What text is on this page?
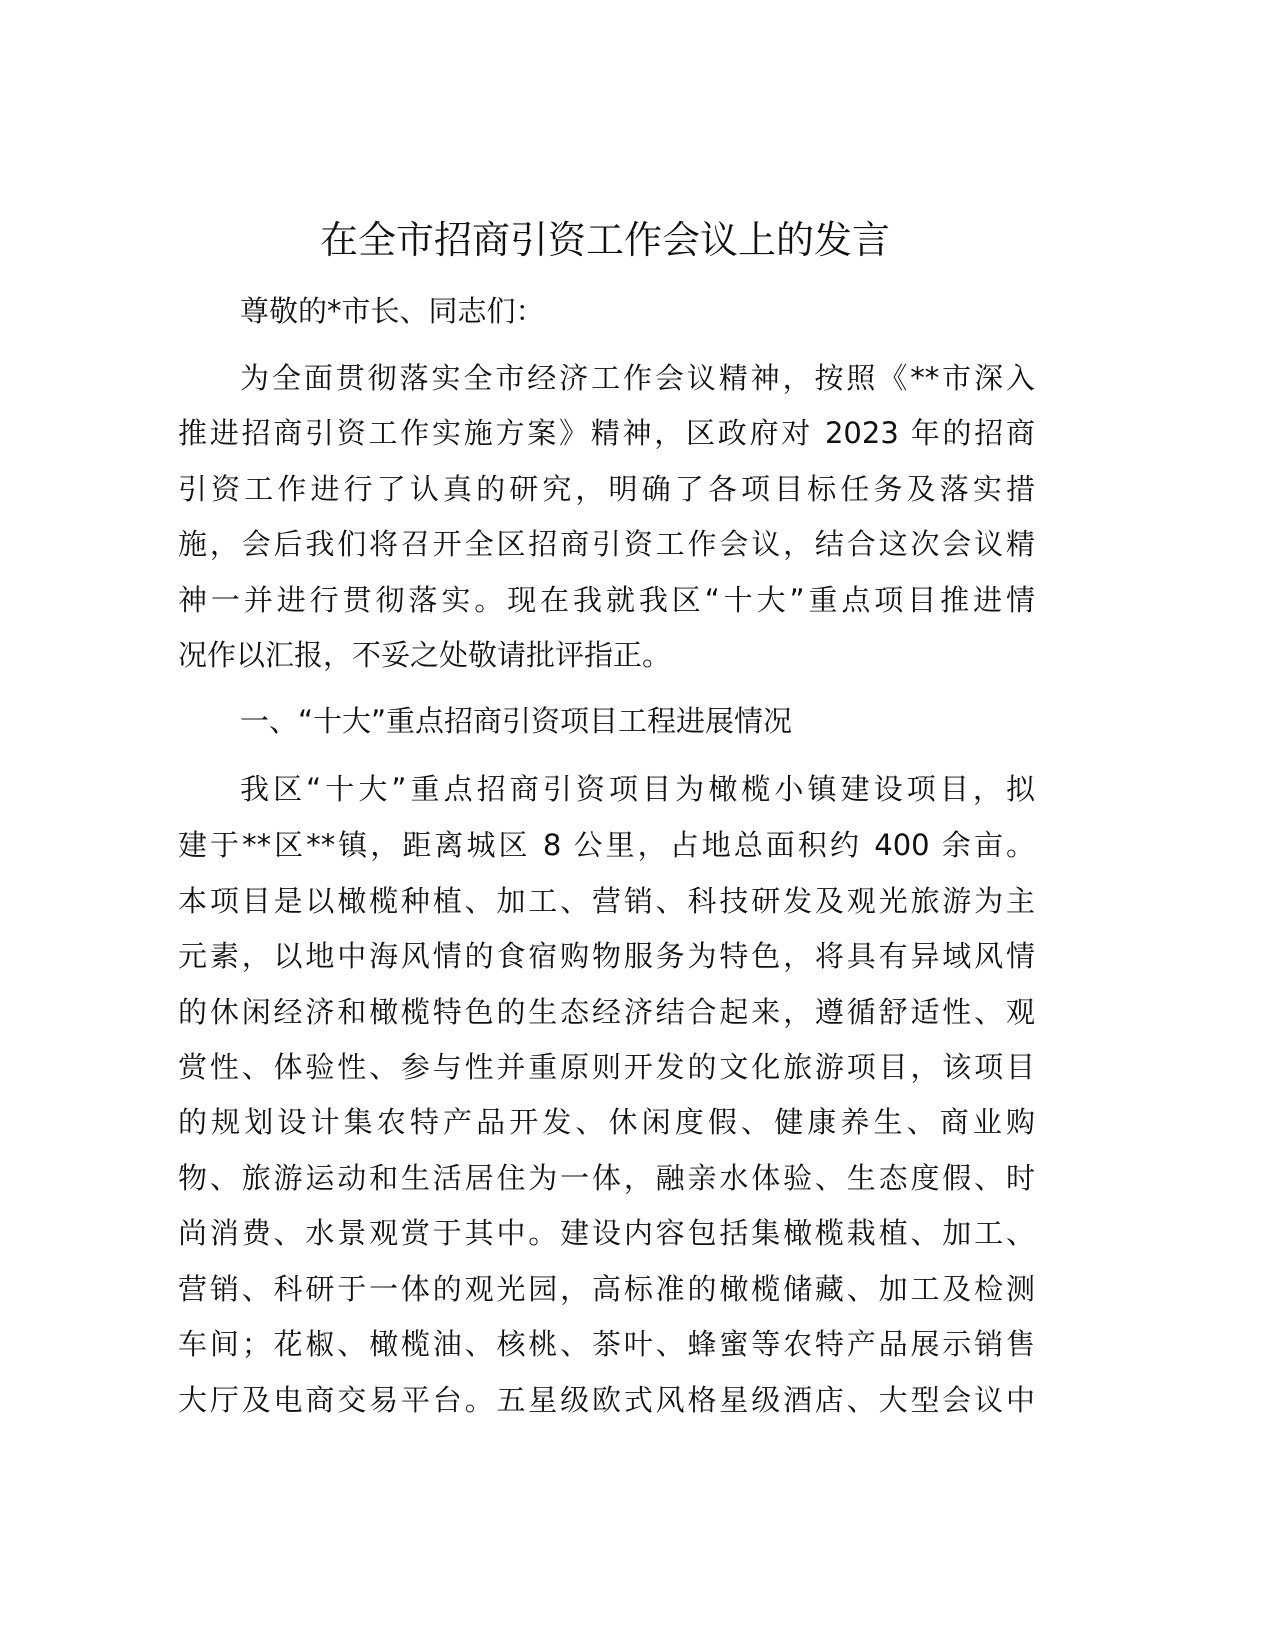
在全市招商引资工作会议上的发言
尊敬的*市长、同志们：
为全面贯彻落实全市经济工作会议精神，按照《**市深入
推进招商引资工作实施方案》精神，区政府对 2023 年的招商
引资工作进行了认真的研究，明确了各项目标任务及落实措
施，会后我们将召开全区招商引资工作会议，结合这次会议精
神一并进行贯彻落实。现在我就我区“十大”重点项目推进情
况作以汇报，不妥之处敬请批评指正。
一、“十大”重点招商引资项目工程进展情况
我区“十大”重点招商引资项目为橄榄小镇建设项目，拟
建于**区**镇，距离城区 8 公里，占地总面积约 400 余亩。
本项目是以橄榄种植、加工、营销、科技研发及观光旅游为主
元素，以地中海风情的食宿购物服务为特色，将具有异域风情
的休闲经济和橄榄特色的生态经济结合起来，遵循舒适性、观
赏性、体验性、参与性并重原则开发的文化旅游项目，该项目
的规划设计集农特产品开发、休闲度假、健康养生、商业购
物、旅游运动和生活居住为一体，融亲水体验、生态度假、时
尚消费、水景观赏于其中。建设内容包括集橄榄栽植、加工、
营销、科研于一体的观光园，高标准的橄榄储藏、加工及检测
车间；花椒、橄榄油、核桃、茶叶、蜂蜜等农特产品展示销售
大厅及电商交易平台。五星级欧式风格星级酒店、大型会议中
